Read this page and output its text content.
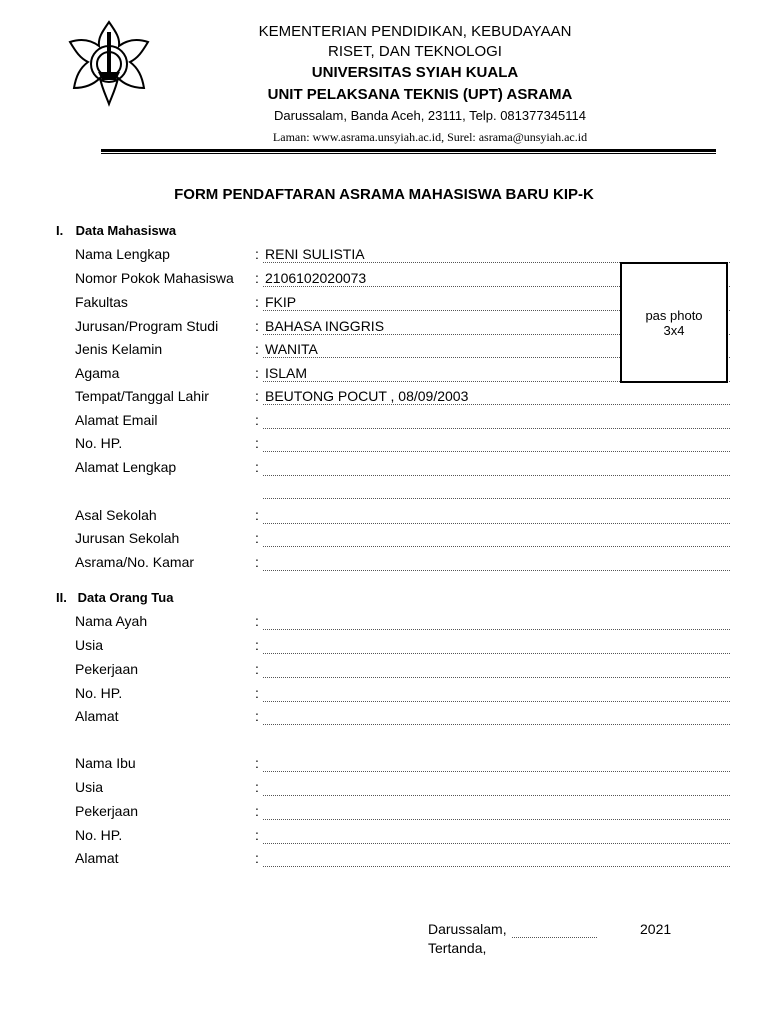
KEMENTERIAN PENDIDIKAN, KEBUDAYAAN
RISET, DAN TEKNOLOGI
UNIVERSITAS SYIAH KUALA
UNIT PELAKSANA TEKNIS (UPT) ASRAMA
Darussalam, Banda Aceh, 23111, Telp. 081377345114
Laman: www.asrama.unsyiah.ac.id, Surel: asrama@unsyiah.ac.id
FORM PENDAFTARAN ASRAMA MAHASISWA BARU KIP-K
I. Data Mahasiswa
Nama Lengkap	: RENI SULISTIA
Nomor Pokok Mahasiswa : 2106102020073
Fakultas	: FKIP
Jurusan/Program Studi	: BAHASA INGGRIS
Jenis Kelamin	: WANITA
Agama	: ISLAM
Tempat/Tanggal Lahir	: BEUTONG POCUT , 08/09/2003
Alamat Email	:
No. HP.	:
Alamat Lengkap	:
Asal Sekolah	:
Jurusan Sekolah	:
Asrama/No. Kamar	:
pas photo
3x4
II. Data Orang Tua
Nama Ayah	:
Usia	:
Pekerjaan	:
No. HP.	:
Alamat	:
Nama Ibu	:
Usia	:
Pekerjaan	:
No. HP.	:
Alamat	:
Darussalam,	2021
Tertanda,
